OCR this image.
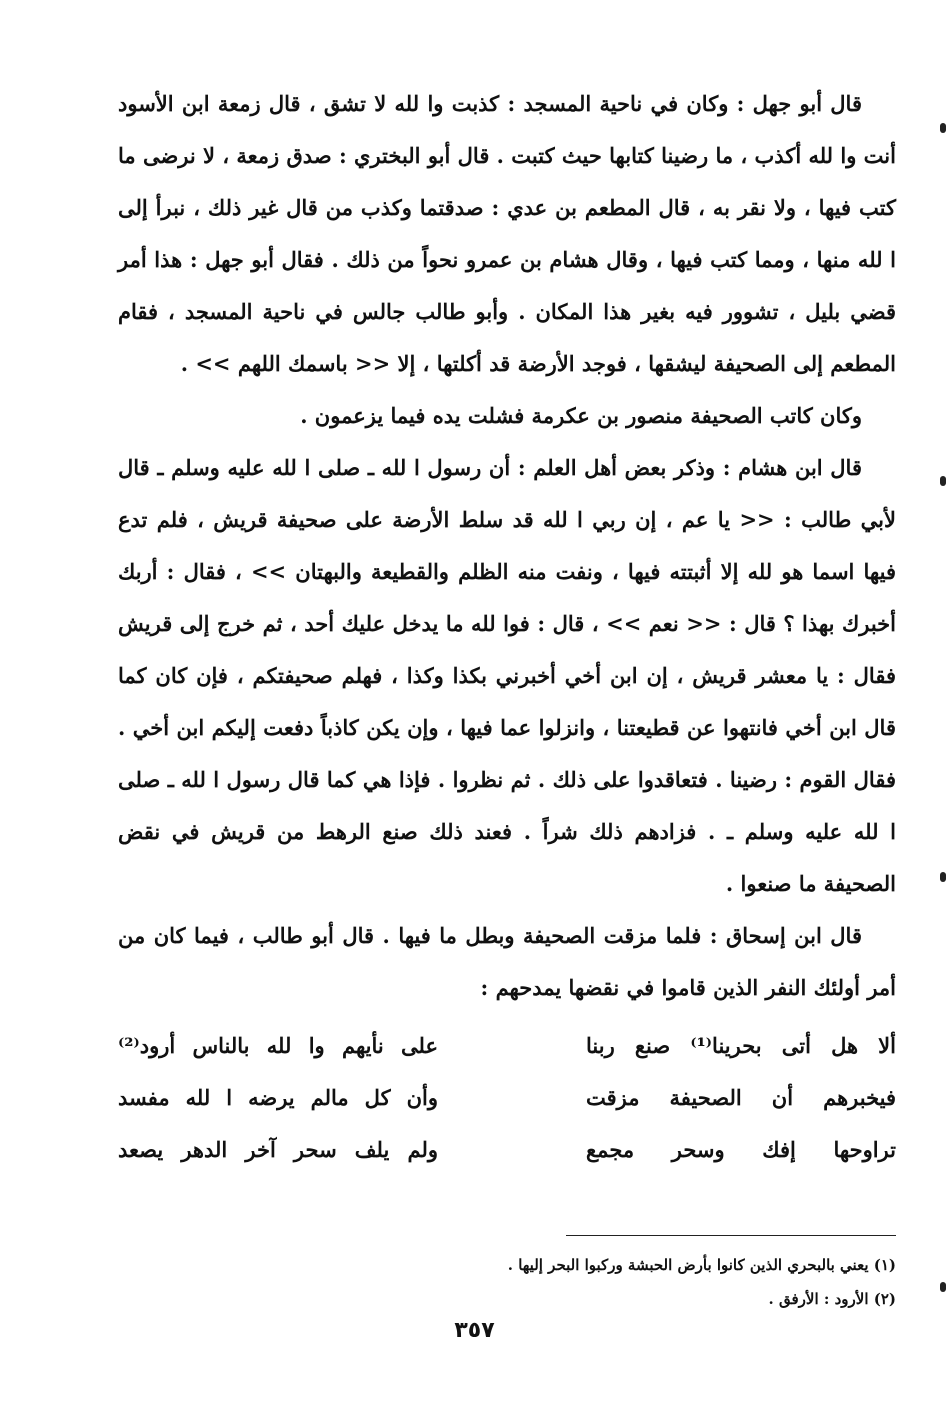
قال أبو جهل : وكان في ناحية المسجد : كذبت وا لله لا تشق ، قال زمعة ابن الأسود أنت وا لله أكذب ، ما رضينا كتابها حيث كتبت . قال أبو البختري : صدق زمعة ، لا نرضى ما كتب فيها ، ولا نقر به ، قال المطعم بن عدي : صدقتما وكذب من قال غير ذلك ، نبرأ إلى ا لله منها ، ومما كتب فيها ، وقال هشام بن عمرو نحواً من ذلك . فقال أبو جهل : هذا أمر قضي بليل ، تشوور فيه بغير هذا المكان . وأبو طالب جالس في ناحية المسجد ، فقام المطعم إلى الصحيفة ليشقها ، فوجد الأرضة قد أكلتها ، إلا << باسمك اللهم >> .

وكان كاتب الصحيفة منصور بن عكرمة فشلت يده فيما يزعمون .

قال ابن هشام : وذكر بعض أهل العلم : أن رسول ا لله ـ صلى ا لله عليه وسلم ـ قال لأبي طالب : << يا عم ، إن ربي ا لله قد سلط الأرضة على صحيفة قريش ، فلم تدع فيها اسما هو لله إلا أثبتته فيها ، ونفت منه الظلم والقطيعة والبهتان >> ، فقال : أربك أخبرك بهذا ؟ قال : << نعم >> ، قال : فوا لله ما يدخل عليك أحد ، ثم خرج إلى قريش فقال : يا معشر قريش ، إن ابن أخي أخبرني بكذا وكذا ، فهلم صحيفتكم ، فإن كان كما قال ابن أخي فانتهوا عن قطيعتنا ، وانزلوا عما فيها ، وإن يكن كاذباً دفعت إليكم ابن أخي . فقال القوم : رضينا . فتعاقدوا على ذلك . ثم نظروا . فإذا هي كما قال رسول ا لله ـ صلى ا لله عليه وسلم ـ . فزادهم ذلك شراً . فعند ذلك صنع الرهط من قريش في نقض الصحيفة ما صنعوا .

قال ابن إسحاق : فلما مزقت الصحيفة وبطل ما فيها . قال أبو طالب ، فيما كان من أمر أولئك النفر الذين قاموا في نقضها يمدحهم :

ألا هل أتى بحرينا⁽¹⁾ صنع ربنا
على نأيهم وا لله بالناس أرود⁽²⁾
فيخبرهم أن الصحيفة مزقت
وأن كل مالم يرضه ا لله مفسد
تراوحها إفك وسحر مجمع
ولم يلف سحر آخر الدهر يصعد
(١) يعني بالبحري الذين كانوا بأرض الحبشة وركبوا البحر إليها .
(٢) الأرود : الأرفق .
٣٥٧
